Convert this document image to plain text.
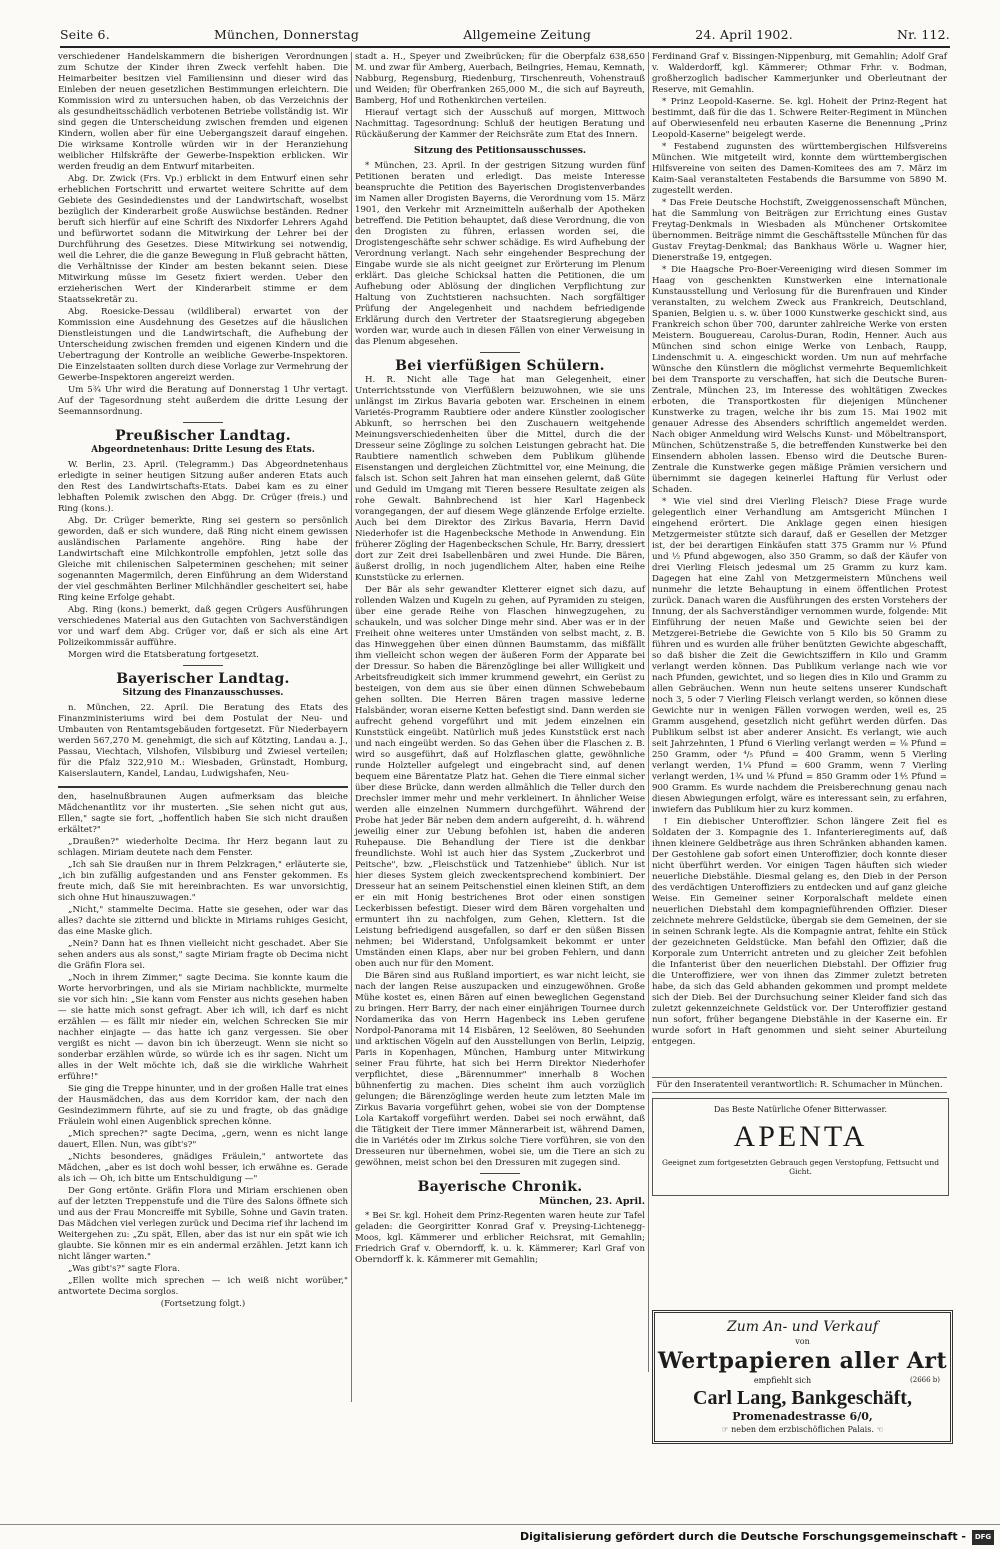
Seite 6.	München, Donnerstag	Allgemeine Zeitung	24. April 1902.	Nr. 112.

verschiedener Handelskammern die bisherigen Verordnungen zum Schutze der Kinder ihren Zweck verfehlt haben. Die Heimarbeiter besitzen viel Familiensinn und dieser wird das Einleben der neuen gesetzlichen Bestimmungen erleichtern. Die Kommission wird zu untersuchen haben, ob das Verzeichnis der als gesundheitsschädlich verbotenen Betriebe vollständig ist. Wir sind gegen die Unterscheidung zwischen fremden und eigenen Kindern, wollen aber für eine Uebergangszeit darauf eingehen. Die wirksame Kontrolle würden wir in der Heranziehung weiblicher Hilfskräfte der Gewerbe-Inspektion erblicken. Wir werden freudig an dem Entwurf mitarbeiten.

Abg. Dr. Zwick (Frs. Vp.) erblickt in dem Entwurf einen sehr erheblichen Fortschritt und erwartet weitere Schritte auf dem Gebiete des Gesindedienstes und der Landwirtschaft, woselbst bezüglich der Kinderarbeit große Auswüchse beständen. Redner beruft sich hierfür auf eine Schrift des Nixdorfer Lehrers Agahd und befürwortet sodann die Mitwirkung der Lehrer bei der Durchführung des Gesetzes. Diese Mitwirkung sei notwendig, weil die Lehrer, die die ganze Bewegung in Fluß gebracht hätten, die Verhältnisse der Kinder am besten bekannt seien. Diese Mitwirkung müsse im Gesetz fixiert werden. Ueber den erzieherischen Wert der Kinderarbeit stimme er dem Staatssekretär zu.

Abg. Roesicke-Dessau (wildliberal) erwartet von der Kommission eine Ausdehnung des Gesetzes auf die häuslichen Dienstleistungen und die Landwirtschaft, die Aufhebung der Unterscheidung zwischen fremden und eigenen Kindern und die Uebertragung der Kontrolle an weibliche Gewerbe-Inspektoren. Die Einzelstaaten sollten durch diese Vorlage zur Vermehrung der Gewerbe-Inspektoren angereizt werden.

Um 5¾ Uhr wird die Beratung auf Donnerstag 1 Uhr vertagt. Auf der Tagesordnung steht außerdem die dritte Lesung der Seemannsordnung.

Preußischer Landtag.
Abgeordnetenhaus: Dritte Lesung des Etats.

W. Berlin, 23. April. (Telegramm.) Das Abgeordnetenhaus erledigte in seiner heutigen Sitzung außer anderen Etats auch den Rest des Landwirtschafts-Etats. Dabei kam es zu einer lebhaften Polemik zwischen den Abgg. Dr. Crüger (freis.) und Ring (kons.).

Abg. Dr. Crüger bemerkte, Ring sei gestern so persönlich geworden, daß er sich wundere, daß Ring nicht einem gewissen ausländischen Parlamente angehöre. Ring habe der Landwirtschaft eine Milchkontrolle empfohlen, jetzt solle das Gleiche mit chilenischen Salpeterminen geschehen; mit seiner sogenannten Magermilch, deren Einführung an dem Widerstand der viel geschmähten Berliner Milchhändler gescheitert sei, habe Ring keine Erfolge gehabt.

Abg. Ring (kons.) bemerkt, daß gegen Crügers Ausführungen verschiedenes Material aus den Gutachten von Sachverständigen vor und warf dem Abg. Crüger vor, daß er sich als eine Art Polizeikommissär aufführe.

Morgen wird die Etatsberatung fortgesetzt.

Bayerischer Landtag.
Sitzung des Finanzausschusses.

n. München, 22. April. Die Beratung des Etats des Finanzministeriums wird bei dem Postulat der Neu- und Umbauten von Rentamtsgebäuden fortgesetzt. Für Niederbayern werden 567,270 M. genehmigt, die sich auf Kötzting, Landau a. J., Passau, Viechtach, Vilshofen, Vilsbiburg und Zwiesel verteilen; für die Pfalz 322,910 M.: Wiesbaden, Grünstadt, Homburg, Kaiserslautern, Kandel, Landau, Ludwigshafen, Neu-

den, haselnußbraunen Augen aufmerksam das bleiche Mädchenantlitz vor ihr musterten. „Sie sehen nicht gut aus, Ellen," sagte sie fort, „hoffentlich haben Sie sich nicht draußen erkältet?"

„Draußen?" wiederholte Decima. Ihr Herz begann laut zu schlagen. Miriam deutete nach dem Fenster.

„Ich sah Sie draußen nur in Ihrem Pelzkragen," erläuterte sie, „ich bin zufällig aufgestanden und ans Fenster gekommen. Es freute mich, daß Sie mit hereinbrachten. Es war unvorsichtig, sich ohne Hut hinauszuwagen."

„Nicht," stammelte Decima. Hatte sie gesehen, oder war das alles? dachte sie zitternd und blickte in Miriams ruhiges Gesicht, das eine Maske glich.

„Nein? Dann hat es Ihnen vielleicht nicht geschadet. Aber Sie sehen anders aus als sonst," sagte Miriam fragte ob Decima nicht die Gräfin Flora sei.

„Noch in ihrem Zimmer," sagte Decima. Sie konnte kaum die Worte hervorbringen, und als sie Miriam nachblickte, murmelte sie vor sich hin: „Sie kann vom Fenster aus nichts gesehen haben — sie hatte mich sonst gefragt. Aber ich will, ich darf es nicht erzählen — es fällt mir nieder ein, welchen Schrecken Sie mir nachher einjagte — das hatte ich ganz vergessen. Sie ober vergißt es nicht — davon bin ich überzeugt. Wenn sie nicht so sonderbar erzählen würde, so würde ich es ihr sagen. Nicht um alles in der Welt möchte ich, daß sie die wirkliche Wahrheit erführe!"

Sie ging die Treppe hinunter, und in der großen Halle trat eines der Hausmädchen, das aus dem Korridor kam, der nach den Gesindezimmern führte, auf sie zu und fragte, ob das gnädige Fräulein wohl einen Augenblick sprechen könne.

„Mich sprechen?" sagte Decima, „gern, wenn es nicht lange dauert, Ellen. Nun, was gibt's?"

„Nichts besonderes, gnädiges Fräulein," antwortete das Mädchen, „aber es ist doch wohl besser, ich erwähne es. Gerade als ich — Oh, ich bitte um Entschuldigung —"

Der Gong ertönte. Gräfin Flora und Miriam erschienen oben auf der letzten Treppenstufe und die Türe des Salons öffnete sich und aus der Frau Moncreiffe mit Sybille, Sohne und Gavin traten. Das Mädchen viel verlegen zurück und Decima rief ihr lachend im Weitergehen zu: „Zu spät, Ellen, aber das ist nur ein spät wie ich glaubte. Sie können mir es ein andermal erzählen. Jetzt kann ich nicht länger warten."

„Was gibt's?" sagte Flora.

„Ellen wollte mich sprechen — ich weiß nicht worüber," antwortete Decima sorglos.

(Fortsetzung folgt.)

stadt a. H., Speyer und Zweibrücken; für die Oberpfalz 638,650 M. und zwar für Amberg, Auerbach, Beilngries, Hemau, Kemnath, Nabburg, Regensburg, Riedenburg, Tirschenreuth, Vohenstrauß und Weiden; für Oberfranken 265,000 M., die sich auf Bayreuth, Bamberg, Hof und Rothenkirchen verteilen.

Hierauf vertagt sich der Ausschuß auf morgen, Mittwoch Nachmittag. Tagesordnung: Schluß der heutigen Beratung und Rückäußerung der Kammer der Reichsräte zum Etat des Innern.

Sitzung des Petitionsausschusses.

* München, 23. April. In der gestrigen Sitzung wurden fünf Petitionen beraten und erledigt. Das meiste Interesse beanspruchte die Petition des Bayerischen Drogistenverbandes im Namen aller Drogisten Bayerns, die Verordnung vom 15. März 1901, den Verkehr mit Arzneimitteln außerhalb der Apotheken betreffend. Die Petition behauptet, daß diese Verordnung, die von den Drogisten zu führen, erlassen worden sei, die Drogistengeschäfte sehr schwer schädige. Es wird Aufhebung der Verordnung verlangt. Nach sehr eingehender Besprechung der Eingabe wurde sie als nicht geeignet zur Erörterung im Plenum erklärt. Das gleiche Schicksal hatten die Petitionen, die um Aufhebung oder Ablösung der dinglichen Verpflichtung zur Haltung von Zuchtstieren nachsuchten. Nach sorgfältiger Prüfung der Angelegenheit und nachdem befriedigende Erklärung durch den Vertreter der Staatsregierung abgegeben worden war, wurde auch in diesen Fällen von einer Verweisung in das Plenum abgesehen.

Bei vierfüßigen Schülern.

H. R. Nicht alle Tage hat man Gelegenheit, einer Unterrichtsstunde von Vierfüßlern beizuwohnen, wie sie uns unlängst im Zirkus Bavaria geboten war. Erscheinen in einem Varietés-Programm Raubtiere oder andere Künstler zoologischer Abkunft, so herrschen bei den Zuschauern weitgehende Meinungsverschiedenheiten über die Mittel, durch die der Dresseur seine Zöglinge zu solchen Leistungen gebracht hat. Die Raubtiere namentlich schweben dem Publikum glühende Eisenstangen und dergleichen Züchtmittel vor, eine Meinung, die falsch ist. Schon seit Jahren hat man einsehen gelernt, daß Güte und Geduld im Umgang mit Tieren bessere Resultate zeigen als rohe Gewalt. Bahnbrechend ist hier Karl Hagenbeck vorangegangen, der auf diesem Wege glänzende Erfolge erzielte. Auch bei dem Direktor des Zirkus Bavaria, Herrn David Niederhofer ist die Hagenbecksche Methode in Anwendung. Ein früherer Zögling der Hagenbeckschen Schule, Hr. Barry, dressiert dort zur Zeit drei Isabellenbären und zwei Hunde. Die Bären, äußerst drollig, in noch jugendlichem Alter, haben eine Reihe Kunststücke zu erlernen.

Der Bär als sehr gewandter Kletterer eignet sich dazu, auf rollenden Walzen und Kugeln zu gehen, auf Pyramiden zu steigen, über eine gerade Reihe von Flaschen hinwegzugehen, zu schaukeln, und was solcher Dinge mehr sind. Aber was er in der Freiheit ohne weiteres unter Umständen von selbst macht, z. B. das Hinweggehen über einen dünnen Baumstamm, das mißfällt ihm vielleicht schon wegen der äußeren Form der Apparate bei der Dressur. So haben die Bärenzöglinge bei aller Willigkeit und Arbeitsfreudigkeit sich immer krummend gewehrt, ein Gerüst zu besteigen, von dem aus sie über einen dünnen Schwebebaum gehen sollten. Die Herren Bären tragen massive lederne Halsbänder, woran eiserne Ketten befestigt sind. Dann werden sie aufrecht gehend vorgeführt und mit jedem einzelnen ein Kunststück eingeübt. Natürlich muß jedes Kunststück erst nach und nach eingeübt werden. So das Gehen über die Flaschen z. B. wird so ausgeführt, daß auf Holzflaschen glatte, gewöhnliche runde Holzteller aufgelegt und eingebracht sind, auf denen bequem eine Bärentatze Platz hat. Gehen die Tiere einmal sicher über diese Brücke, dann werden allmählich die Teller durch den Drechsler immer mehr und mehr verkleinert. In ähnlicher Weise werden alle einzelnen Nummern durchgeführt. Während der Probe hat jeder Bär neben dem andern aufgereiht, d. h. während jeweilig einer zur Uebung befohlen ist, haben die anderen Ruhepause. Die Behandlung der Tiere ist die denkbar freundlichste. Wohl ist auch hier das System „Zuckerbrot und Peitsche", bzw. „Fleischstück und Tatzenhiebe" üblich. Nur ist hier dieses System gleich zweckentsprechend kombiniert. Der Dresseur hat an seinem Peitschenstiel einen kleinen Stift, an dem er ein mit Honig bestrichenes Brot oder einen sonstigen Leckerbissen befestigt. Dieser wird dem Bären vorgehalten und ermuntert ihn zu nachfolgen, zum Gehen, Klettern. Ist die Leistung befriedigend ausgefallen, so darf er den süßen Bissen nehmen; bei Widerstand, Unfolgsamkeit bekommt er unter Umständen einen Klaps, aber nur bei groben Fehlern, und dann oben auch nur für den Moment.

Die Bären sind aus Rußland importiert, es war nicht leicht, sie nach der langen Reise auszupacken und einzugewöhnen. Große Mühe kostet es, einen Bären auf einen beweglichen Gegenstand zu bringen. Herr Barry, der nach einer einjährigen Tournee durch Nordamerika das von Herrn Hagenbeck ins Leben gerufene Nordpol-Panorama mit 14 Eisbären, 12 Seelöwen, 80 Seehunden und arktischen Vögeln auf den Ausstellungen von Berlin, Leipzig, Paris in Kopenhagen, München, Hamburg unter Mitwirkung seiner Frau führte, hat sich bei Herrn Direktor Niederhofer verpflichtet, diese „Bärennummer" innerhalb 8 Wochen bühnenfertig zu machen. Dies scheint ihm auch vorzüglich gelungen; die Bärenzöglinge werden heute zum letzten Male im Zirkus Bavaria vorgeführt gehen, wobei sie von der Domptense Lola Kartakoff vorgeführt werden. Dabei sei noch erwähnt, daß die Tätigkeit der Tiere immer Männerarbeit ist, während Damen, die in Variétés oder im Zirkus solche Tiere vorführen, sie von den Dresseuren nur übernehmen, wobei sie, um die Tiere an sich zu gewöhnen, meist schon bei den Dressuren mit zugegen sind.

Bayerische Chronik.
München, 23. April.

* Bei Sr. kgl. Hoheit dem Prinz-Regenten waren heute zur Tafel geladen: die Georgiritter Konrad Graf v. Preysing-Lichtenegg-Moos, kgl. Kämmerer und erblicher Reichsrat, mit Gemahlin; Friedrich Graf v. Oberndorff, k. u. k. Kämmerer; Karl Graf von Oberndorff k. k. Kämmerer mit Gemahlin;

Ferdinand Graf v. Bissingen-Nippenburg, mit Gemahlin; Adolf Graf v. Walderdorff, kgl. Kämmerer; Othmar Frhr. v. Bodman, großherzoglich badischer Kammerjunker und Oberleutnant der Reserve, mit Gemahlin.

* Prinz Leopold-Kaserne. Se. kgl. Hoheit der Prinz-Regent hat bestimmt, daß für die das 1. Schwere Reiter-Regiment in München auf Oberwiesenfeld neu erbauten Kaserne die Benennung „Prinz Leopold-Kaserne" beigelegt werde.

* Festabend zugunsten des württembergischen Hilfsvereins München. Wie mitgeteilt wird, konnte dem württembergischen Hilfsvereine von seiten des Damen-Komitees des am 7. März im Kaim-Saal veranstalteten Festabends die Barsumme von 5890 M. zugestellt werden.

* Das Freie Deutsche Hochstift, Zweiggenossenschaft München, hat die Sammlung von Beiträgen zur Errichtung eines Gustav Freytag-Denkmals in Wiesbaden als Münchener Ortskomitee übernommen. Beiträge nimmt die Geschäftsstelle München für das Gustav Freytag-Denkmal; das Bankhaus Wörle u. Wagner hier, Dienerstraße 19, entgegen.

* Die Haagsche Pro-Boer-Vereeniging wird diesen Sommer im Haag von geschenkten Kunstwerken eine internationale Kunstausstellung und Verlosung für die Burenfrauen und Kinder veranstalten, zu welchem Zweck aus Frankreich, Deutschland, Spanien, Belgien u. s. w. über 1000 Kunstwerke geschickt sind, aus Frankreich schon über 700, darunter zahlreiche Werke von ersten Meistern. Bouguereau, Carolus-Duran, Rodin, Henner. Auch aus München sind schon einige Werke von Lenbach, Raupp, Lindenschmit u. A. eingeschickt worden. Um nun auf mehrfache Wünsche den Künstlern die möglichst vermehrte Bequemlichkeit bei dem Transporte zu verschaffen, hat sich die Deutsche Buren-Zentrale, München 23, im Interesse des wohltätigen Zweckes erboten, die Transportkosten für diejenigen Münchener Kunstwerke zu tragen, welche ihr bis zum 15. Mai 1902 mit genauer Adresse des Absenders schriftlich angemeldet werden. Nach obiger Anmeldung wird Welschs Kunst- und Möbeltransport, München, Schützenstraße 5, die betreffenden Kunstwerke bei den Einsendern abholen lassen. Ebenso wird die Deutsche Buren-Zentrale die Kunstwerke gegen mäßige Prämien versichern und übernimmt sie dagegen keinerlei Haftung für Verlust oder Schaden.

* Wie viel sind drei Vierling Fleisch? Diese Frage wurde gelegentlich einer Verhandlung am Amtsgericht München I eingehend erörtert. Die Anklage gegen einen hiesigen Metzgermeister stützte sich darauf, daß er Gesellen der Metzger ist, der bei derartigen Einkäufen statt 375 Gramm nur ½ Pfund und ½ Pfund abgewogen, also 350 Gramm, so daß der Käufer von drei Vierling Fleisch jedesmal um 25 Gramm zu kurz kam. Dagegen hat eine Zahl von Metzgermeistern Münchens weil nunmehr die letzte Behauptung in einem öffentlichen Protest zurück. Danach waren die Ausführungen des ersten Vorstehers der Innung, der als Sachverständiger vernommen wurde, folgende: Mit Einführung der neuen Maße und Gewichte seien bei der Metzgerei-Betriebe die Gewichte von 5 Kilo bis 50 Gramm zu führen und es wurden alle früher benützten Gewichte abgeschafft, so daß bisher die Zeit die Gewichtsziffern in Kilo und Gramm verlangt werden können. Das Publikum verlange nach wie vor nach Pfunden, gewichtet, und so liegen dies in Kilo und Gramm zu allen Gebräuchen. Wenn nun heute seitens unserer Kundschaft noch 3, 5 oder 7 Vierling Fleisch verlangt werden, so können diese Gewichte nur in wenigen Fällen vorwogen werden, weil es, 25 Gramm ausgehend, gesetzlich nicht geführt werden dürfen. Das Publikum selbst ist aber anderer Ansicht. Es verlangt, wie auch seit Jahrzehnten, 1 Pfund 6 Vierling verlangt werden = ⅛ Pfund = 250 Gramm, oder ⁴/₅ Pfund = 400 Gramm, wenn 5 Vierling verlangt werden, 1¼ Pfund = 600 Gramm, wenn 7 Vierling verlangt werden, 1¾ und ⅛ Pfund = 850 Gramm oder 1⅘ Pfund = 900 Gramm. Es wurde nachdem die Preisberechnung genau nach diesen Abwiegungen erfolgt, wäre es interessant sein, zu erfahren, inwiefern das Publikum hier zu kurz kommen.

↑ Ein diebischer Unteroffizier. Schon längere Zeit fiel es Soldaten der 3. Kompagnie des 1. Infanterieregiments auf, daß ihnen kleinere Geldbeträge aus ihren Schränken abhanden kamen. Der Gestohlene gab sofort einen Unteroffizier, doch konnte dieser nicht überführt werden. Vor einigen Tagen häuften sich wieder neuerliche Diebstähle. Diesmal gelang es, den Dieb in der Person des verdächtigen Unteroffiziers zu entdecken und auf ganz gleiche Weise. Ein Gemeiner seiner Korporalschaft meldete einen neuerlichen Diebstahl dem kompagnieführenden Offizier. Dieser zeichnete mehrere Geldstücke, übergab sie dem Gemeinen, der sie in seinen Schrank legte. Als die Kompagnie antrat, fehlte ein Stück der gezeichneten Geldstücke. Man befahl den Offizier, daß die Korporale zum Unterricht antreten und zu gleicher Zeit befohlen die Infanterist über den neuerlichen Diebstahl. Der Offizier frug die Unteroffiziere, wer von ihnen das Zimmer zuletzt betreten habe, da sich das Geld abhanden gekommen und prompt meldete sich der Dieb. Bei der Durchsuchung seiner Kleider fand sich das zuletzt gekennzeichnete Geldstück vor. Der Unteroffizier gestand nun sofort, früher begangene Diebstähle in der Kaserne ein. Er wurde sofort in Haft genommen und sieht seiner Aburteilung entgegen.

Für den Inseratenteil verantwortlich: R. Schumacher in München.
Das Beste Natürliche Ofener Bitterwasser.
APENTA
Geeignet zum fortgesetzten Gebrauch gegen Verstopfung, Fettsucht und Gicht.
Zum An- und Verkauf
von
Wertpapieren aller Art
empfiehlt sich	(2666 b)
Carl Lang, Bankgeschäft,
Promenadestrasse 6/0,
☞ neben dem erzbischöflichen Palais. ☜
Digitalisierung gefördert durch die Deutsche Forschungsgemeinschaft -	DFG
